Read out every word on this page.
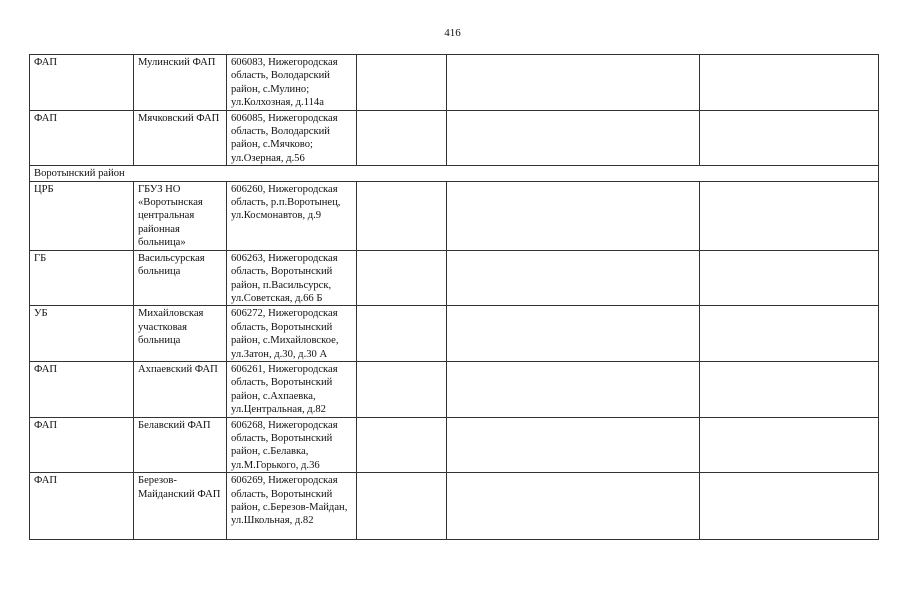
416
ФАП	Мулинский ФАП	606083, Нижегородская область, Володарский район, с.Мулино; ул.Колхозная, д.114а			
ФАП	Мячковский ФАП	606085, Нижегородская область, Володарский район, с.Мячково; ул.Озерная, д.56			
Воротынский район					
ЦРБ	ГБУЗ НО «Воротынская центральная районная больница»	606260, Нижегородская область, р.п.Воротынец, ул.Космонавтов, д.9			
ГБ	Васильсурская больница	606263, Нижегородская область, Воротынский район, п.Васильсурск, ул.Советская, д.66 Б			
УБ	Михайловская участковая больница	606272, Нижегородская область, Воротынский район, с.Михайловское, ул.Затон, д.30, д.30 А			
ФАП	Ахпаевский ФАП	606261, Нижегородская область, Воротынский район, с.Ахпаевка, ул.Центральная, д.82			
ФАП	Белавский ФАП	606268, Нижегородская область, Воротынский район, с.Белавка, ул.М.Горького, д.36			
ФАП	Березов-Майданский ФАП	606269, Нижегородская область, Воротынский район, с.Березов-Майдан, ул.Школьная, д.82			
